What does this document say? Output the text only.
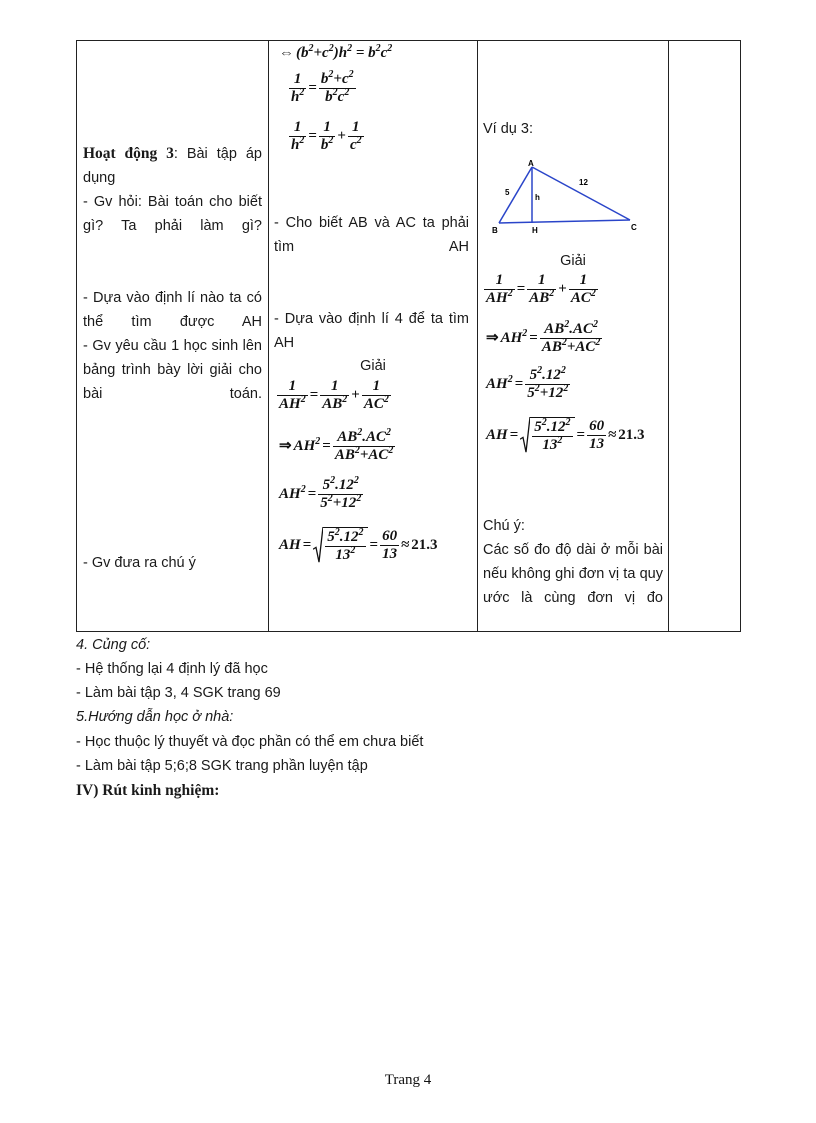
Hoạt động 3: Bài tập áp dụng
- Gv hỏi: Bài toán cho biết gì? Ta phải làm gì?
- Dựa vào định lí nào ta có thể tìm được AH
- Gv yêu cầu 1 học sinh lên bảng trình bày lời giải cho bài toán.
- Gv đưa ra chú ý
⇔ $(b^2+c^2)h^2 = b^2c^2$
$\frac{1}{h^2} = \frac{b^2+c^2}{b^2c^2}$
$\frac{1}{h^2} = \frac{1}{b^2} + \frac{1}{c^2}$
- Cho biết AB và AC ta phải tìm AH
- Dựa vào định lí 4 để ta tìm AH
Giải
$\frac{1}{AH^2} = \frac{1}{AB^2} + \frac{1}{AC^2}$
⇒ $AH^2 = \frac{AB^2.AC^2}{AB^2+AC^2}$
$AH^2 = \frac{5^2.12^2}{5^2+12^2}$
AH = $\frac{5^2.12^2}{13^2} = \frac{60}{13} \approx 21.3$
Ví dụ 3:
A
B	C
H
5
12
h
Giải
$\frac{1}{AH^2} = \frac{1}{AB^2} + \frac{1}{AC^2}$
⇒ $AH^2 = \frac{AB^2.AC^2}{AB^2+AC^2}$
$AH^2 = \frac{5^2.12^2}{5^2+12^2}$
AH = $\frac{5^2.12^2}{13^2} = \frac{60}{13} \approx 21.3$
Chú ý:
Các số đo độ dài ở mỗi bài nếu không ghi đơn vị ta quy ước là cùng đơn vị đo
4. Củng cố:
- Hệ thống lại 4 định lý đã học
- Làm bài tập 3, 4 SGK trang 69
5.Hướng dẫn học ở nhà:
- Học thuộc lý thuyết và đọc phần có thể em chưa biết
- Làm bài tập 5;6;8 SGK trang phần luyện tập
IV) Rút kinh nghiệm:
Trang 4
